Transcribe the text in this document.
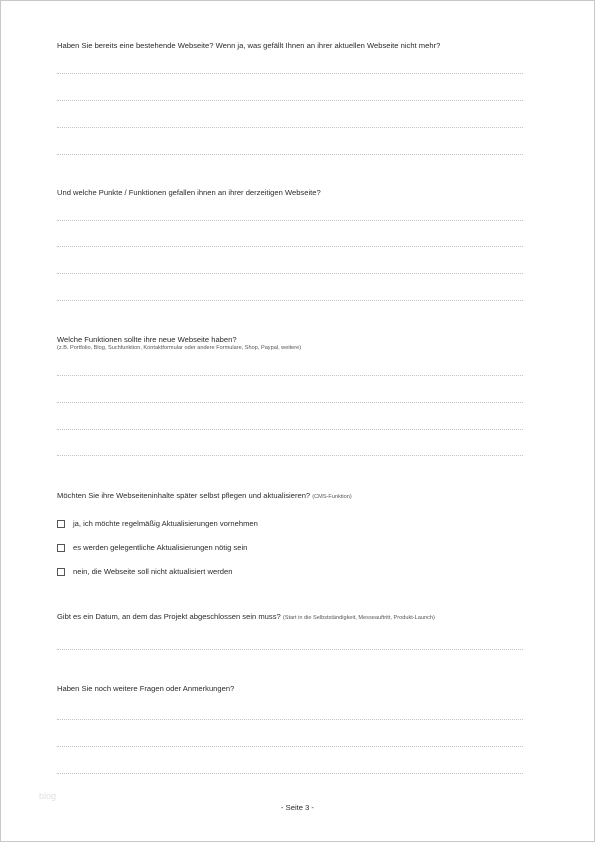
Haben Sie bereits eine bestehende Webseite? Wenn ja, was gefällt Ihnen an ihrer aktuellen Webseite nicht mehr?
Und welche Punkte / Funktionen gefallen ihnen an ihrer derzeitigen Webseite?
Welche Funktionen sollte ihre neue Webseite haben?
(z.B. Portfolio, Blog, Suchfunktion, Kontaktformular oder andere Formulare, Shop, Paypal, weitere)
Möchten Sie ihre Webseiteninhalte später selbst pflegen und aktualisieren? (CMS-Funktion)
ja, ich möchte regelmäßig Aktualisierungen vornehmen
es werden gelegentliche Aktualisierungen nötig sein
nein, die Webseite soll nicht aktualisiert werden
Gibt es ein Datum, an dem das Projekt abgeschlossen sein muss? (Start in die Selbstständigkeit, Messeauftritt, Produkt-Launch)
Haben Sie noch weitere Fragen oder Anmerkungen?
blog
- Seite 3 -
